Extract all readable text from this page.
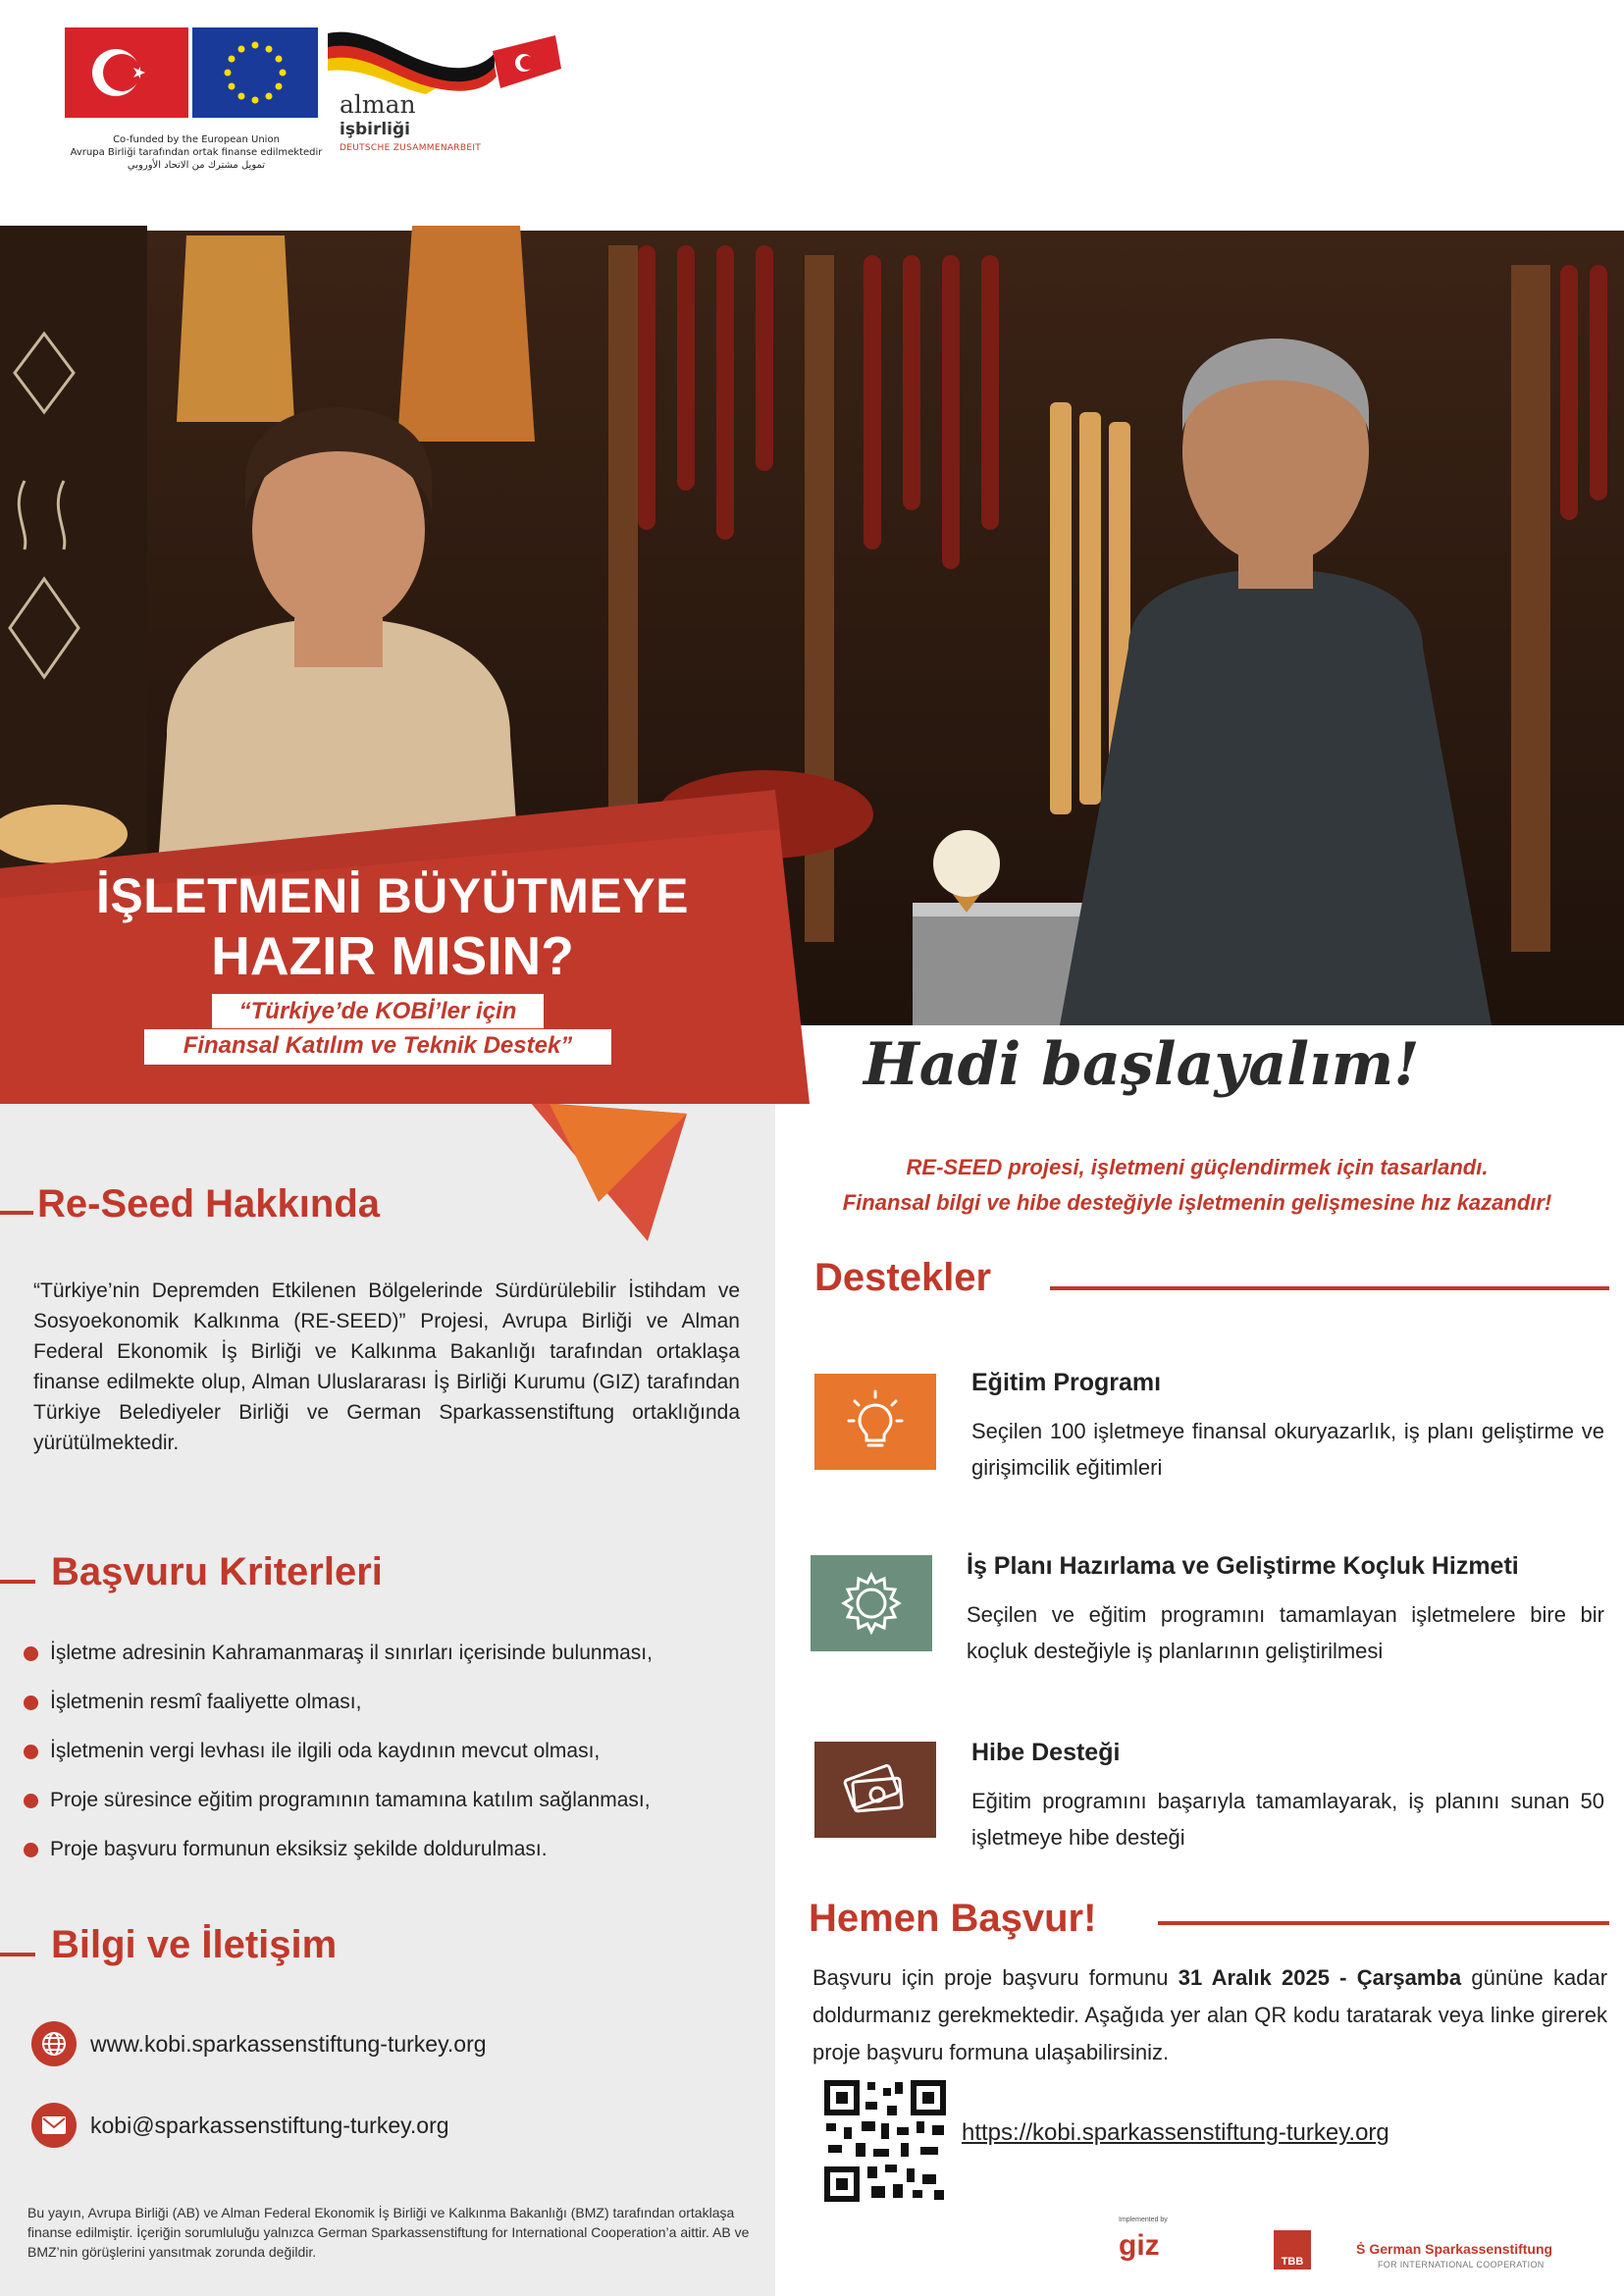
Co-funded by the European Union
Avrupa Birliği tarafından ortak finanse edilmektedir
تمويل مشترك من الاتحاد الأوروبي
alman
işbirliği
DEUTSCHE ZUSAMMENARBEIT
İŞLETMENİ BÜYÜTMEYE
HAZIR MISIN?
“Türkiye’de KOBİ’ler için
Finansal Katılım ve Teknik Destek”	Hadi başlayalım!
RE-SEED projesi, işletmeni güçlendirmek için tasarlandı.
Finansal bilgi ve hibe desteğiyle işletmenin gelişmesine hız kazandır!
Re-Seed Hakkında
“Türkiye’nin Depremden Etkilenen Bölgelerinde Sürdürülebilir İstihdam ve Sosyoekonomik Kalkınma (RE-SEED)” Projesi, Avrupa Birliği ve Alman Federal Ekonomik İş Birliği ve Kalkınma Bakanlığı tarafından ortaklaşa finanse edilmekte olup, Alman Uluslararası İş Birliği Kurumu (GIZ) tarafından Türkiye Belediyeler Birliği ve German Sparkassenstiftung ortaklığında yürütülmektedir.
Başvuru Kriterleri
İşletme adresinin Kahramanmaraş il sınırları içerisinde bulunması,
İşletmenin resmî faaliyette olması,
İşletmenin vergi levhası ile ilgili oda kaydının mevcut olması,
Proje süresince eğitim programının tamamına katılım sağlanması,
Proje başvuru formunun eksiksiz şekilde doldurulması.
Bilgi ve İletişim
www.kobi.sparkassenstiftung-turkey.org
kobi@sparkassenstiftung-turkey.org
Bu yayın, Avrupa Birliği (AB) ve Alman Federal Ekonomik İş Birliği ve Kalkınma Bakanlığı (BMZ) tarafından ortaklaşa finanse edilmiştir. İçeriğin sorumluluğu yalnızca German Sparkassenstiftung for International Cooperation’a aittir. AB ve BMZ’nin görüşlerini yansıtmak zorunda değildir.
Destekler
Eğitim Programı
Seçilen 100 işletmeye finansal okuryazarlık, iş planı geliştirme ve girişimcilik eğitimleri
İş Planı Hazırlama ve Geliştirme Koçluk Hizmeti
Seçilen ve eğitim programını tamamlayan işletmelere bire bir koçluk desteğiyle iş planlarının geliştirilmesi
Hibe Desteği
Eğitim programını başarıyla tamamlayarak, iş planını sunan 50 işletmeye hibe desteği
Hemen Başvur!
Başvuru için proje başvuru formunu 31 Aralık 2025 - Çarşamba gününe kadar doldurmanız gerekmektedir. Aşağıda yer alan QR kodu taratarak veya linke girerek proje başvuru formuna ulaşabilirsiniz.
https://kobi.sparkassenstiftung-turkey.org
Implemented by
giz	TBB
Ṡ German Sparkassenstiftung
FOR INTERNATIONAL COOPERATION
